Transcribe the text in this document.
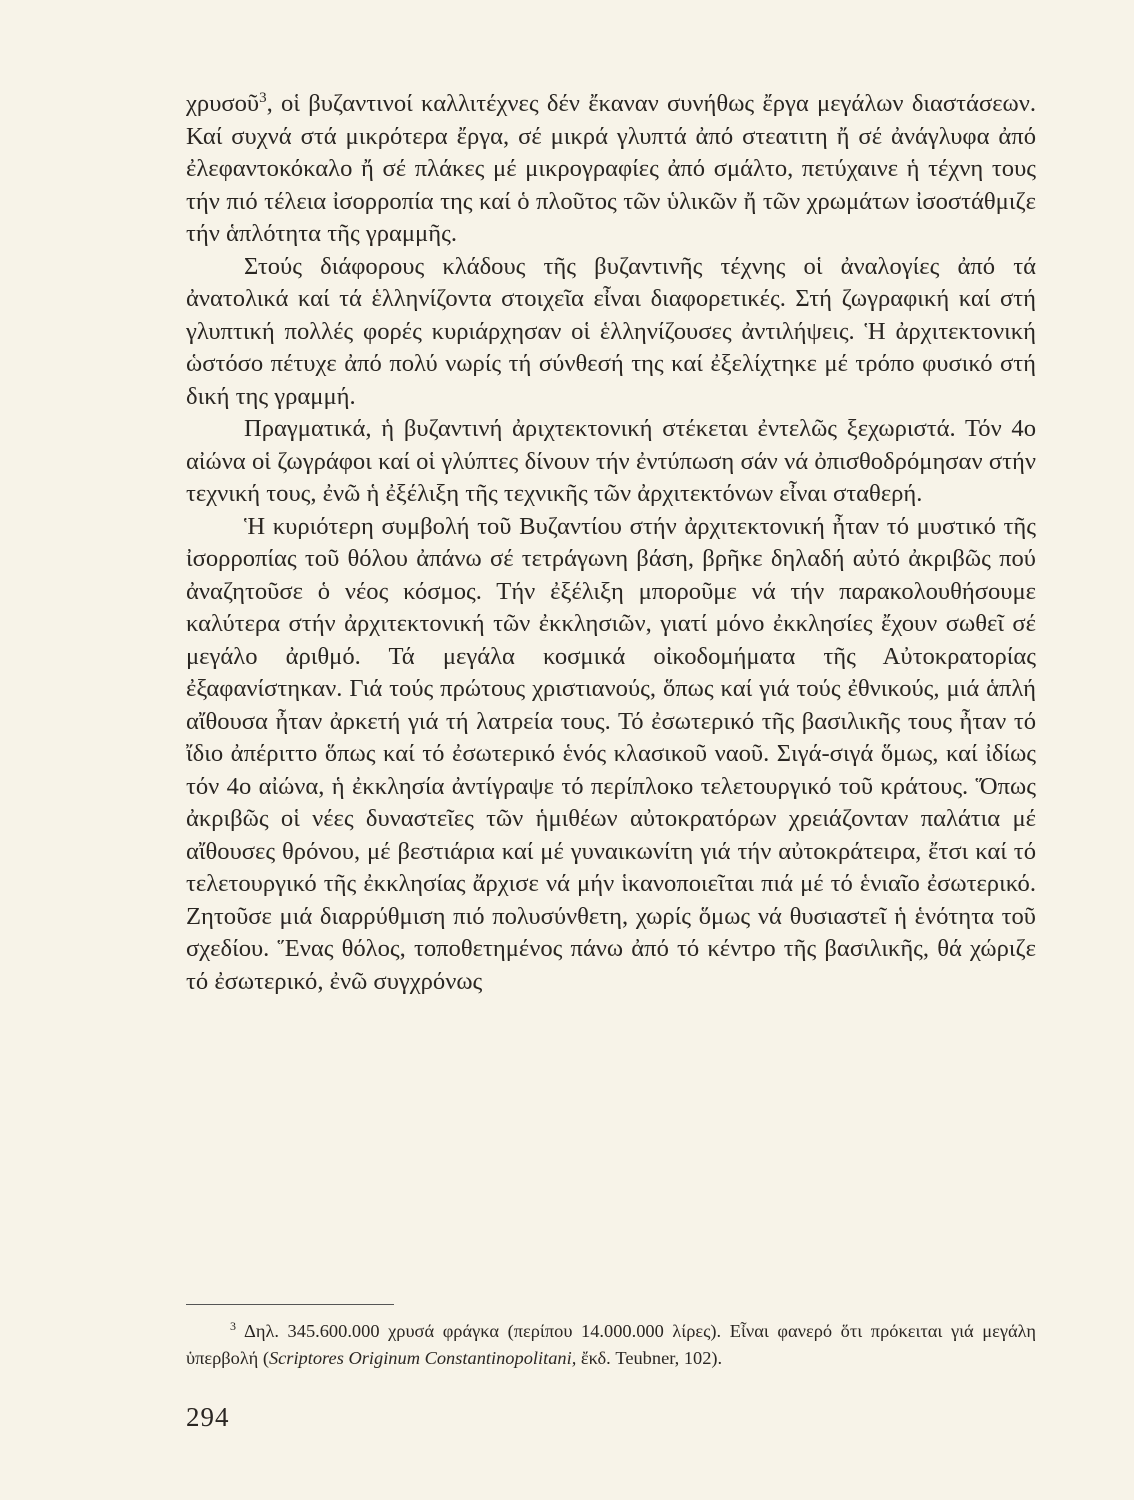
χρυσοῦ$^3$, οἱ βυζαντινοί καλλιτέχνες δέν ἔκαναν συνήθως ἔργα μεγάλων διαστάσεων. Καί συχνά στά μικρότερα ἔργα, σέ μικρά γλυπτά ἀπό στεατιτη ἤ σέ ἀνάγλυφα ἀπό ἐλεφαντοκόκαλο ἤ σέ πλάκες μέ μικρογραφίες ἀπό σμάλτο, πετύχαινε ἡ τέχνη τους τήν πιό τέλεια ἰσορροπία της καί ὁ πλοῦτος τῶν ὑλικῶν ἤ τῶν χρωμάτων ἰσοστάθμιζε τήν ἁπλότητα τῆς γραμμῆς.

Στούς διάφορους κλάδους τῆς βυζαντινῆς τέχνης οἱ ἀναλογίες ἀπό τά ἀνατολικά καί τά ἑλληνίζοντα στοιχεῖα εἶναι διαφορετικές. Στή ζωγραφική καί στή γλυπτική πολλές φορές κυριάρχησαν οἱ ἑλληνίζουσες ἀντιλήψεις. Ἡ ἀρχιτεκτονική ὡστόσο πέτυχε ἀπό πολύ νωρίς τή σύνθεσή της καί ἐξελίχτηκε μέ τρόπο φυσικό στή δική της γραμμή.

Πραγματικά, ἡ βυζαντινή ἀριχτεκτονική στέκεται ἐντελῶς ξεχωριστά. Τόν 4ο αἰώνα οἱ ζωγράφοι καί οἱ γλύπτες δίνουν τήν ἐντύπωση σάν νά ὀπισθοδρόμησαν στήν τεχνική τους, ἐνῶ ἡ ἐξέλιξη τῆς τεχνικῆς τῶν ἀρχιτεκτόνων εἶναι σταθερή.

Ἡ κυριότερη συμβολή τοῦ Βυζαντίου στήν ἀρχιτεκτονική ἦταν τό μυστικό τῆς ἰσορροπίας τοῦ θόλου ἀπάνω σέ τετράγωνη βάση, βρῆκε δηλαδή αὐτό ἀκριβῶς πού ἀναζητοῦσε ὁ νέος κόσμος. Τήν ἐξέλιξη μποροῦμε νά τήν παρακολουθήσουμε καλύτερα στήν ἀρχιτεκτονική τῶν ἐκκλησιῶν, γιατί μόνο ἐκκλησίες ἔχουν σωθεῖ σέ μεγάλο ἀριθμό. Τά μεγάλα κοσμικά οἰκοδομήματα τῆς Αὐτοκρατορίας ἐξαφανίστηκαν. Γιά τούς πρώτους χριστιανούς, ὅπως καί γιά τούς ἐθνικούς, μιά ἁπλή αἴθουσα ἦταν ἀρκετή γιά τή λατρεία τους. Τό ἐσωτερικό τῆς βασιλικῆς τους ἦταν τό ἴδιο ἀπέριττο ὅπως καί τό ἐσωτερικό ἑνός κλασικοῦ ναοῦ. Σιγά-σιγά ὅμως, καί ἰδίως τόν 4ο αἰώνα, ἡ ἐκκλησία ἀντίγραψε τό περίπλοκο τελετουργικό τοῦ κράτους. Ὅπως ἀκριβῶς οἱ νέες δυναστεῖες τῶν ἡμιθέων αὐτοκρατόρων χρειάζονταν παλάτια μέ αἴθουσες θρόνου, μέ βεστιάρια καί μέ γυναικωνίτη γιά τήν αὐτοκράτειρα, ἔτσι καί τό τελετουργικό τῆς ἐκκλησίας ἄρχισε νά μήν ἱκανοποιεῖται πιά μέ τό ἑνιαῖο ἐσωτερικό. Ζητοῦσε μιά διαρρύθμιση πιό πολυσύνθετη, χωρίς ὅμως νά θυσιαστεῖ ἡ ἑνότητα τοῦ σχεδίου. Ἕνας θόλος, τοποθετημένος πάνω ἀπό τό κέντρο τῆς βασιλικῆς, θά χώριζε τό ἐσωτερικό, ἐνῶ συγχρόνως

$^3$ Δηλ. 345.600.000 χρυσά φράγκα (περίπου 14.000.000 λίρες). Εἶναι φανερό ὅτι πρόκειται γιά μεγάλη ὑπερβολή (Scriptores Originum Constantinopolitani, ἔκδ. Teubner, 102).
294
